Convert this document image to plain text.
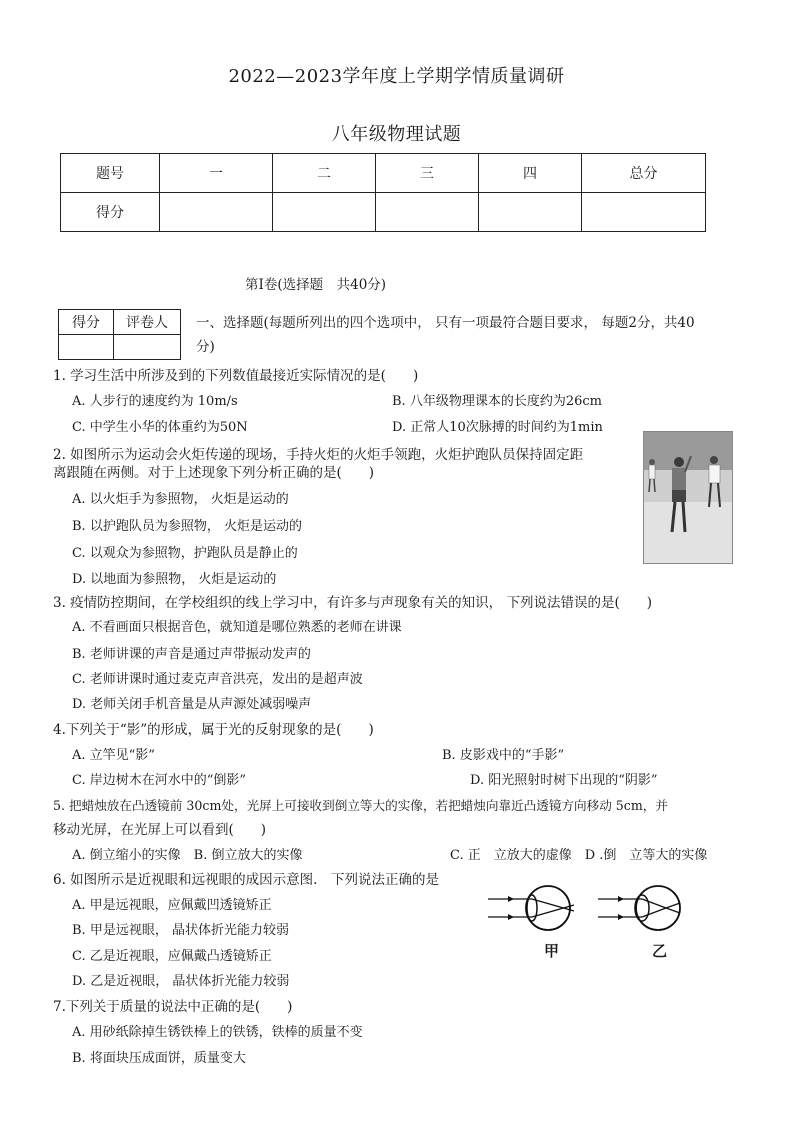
2022—2023学年度上学期学情质量调研
八年级物理试题
题号	一	二	三	四	总分
得分					
第Ⅰ卷(选择题　共40分)
得分	评卷人
	一、选择题(每题所列出的四个选项中， 只有一项最符合题目要求， 每题2分，共40
分)
1. 学习生活中所涉及到的下列数值最接近实际情况的是(　　)
A. 人步行的速度约为 10m/s	B. 八年级物理课本的长度约为26cm
C. 中学生小华的体重约为50N	D. 正常人10次脉搏的时间约为1min
2. 如图所示为运动会火炬传递的现场，手持火炬的火炬手领跑，火炬护跑队员保持固定距
离跟随在两侧。对于上述现象下列分析正确的是(　　)
A. 以火炬手为参照物， 火炬是运动的
B. 以护跑队员为参照物， 火炬是运动的
C. 以观众为参照物，护跑队员是静止的
D. 以地面为参照物， 火炬是运动的
3. 疫情防控期间，在学校组织的线上学习中，有许多与声现象有关的知识， 下列说法错误的是(　　)
A. 不看画面只根据音色，就知道是哪位熟悉的老师在讲课
B. 老师讲课的声音是通过声带振动发声的
C. 老师讲课时通过麦克声音洪亮，发出的是超声波
D. 老师关闭手机音量是从声源处减弱噪声
4.下列关于“影”的形成，属于光的反射现象的是(　　)
A. 立竿见“影”	B. 皮影戏中的“手影”
C. 岸边树木在河水中的“倒影”	D. 阳光照射时树下出现的“阴影”
5. 把蜡烛放在凸透镜前 30cm处，光屏上可接收到倒立等大的实像，若把蜡烛向靠近凸透镜方向移动 5cm，并
移动光屏，在光屏上可以看到(　　)
A. 倒立缩小的实像　B. 倒立放大的实像	C. 正　立放大的虚像　D .倒　立等大的实像
6. 如图所示是近视眼和远视眼的成因示意图.　下列说法正确的是
A. 甲是远视眼，应佩戴凹透镜矫正
B. 甲是远视眼， 晶状体折光能力较弱
C. 乙是近视眼，应佩戴凸透镜矫正
D. 乙是近视眼， 晶状体折光能力较弱
甲	乙
7.下列关于质量的说法中正确的是(　　)
A. 用砂纸除掉生锈铁棒上的铁锈，铁棒的质量不变
B. 将面块压成面饼，质量变大
